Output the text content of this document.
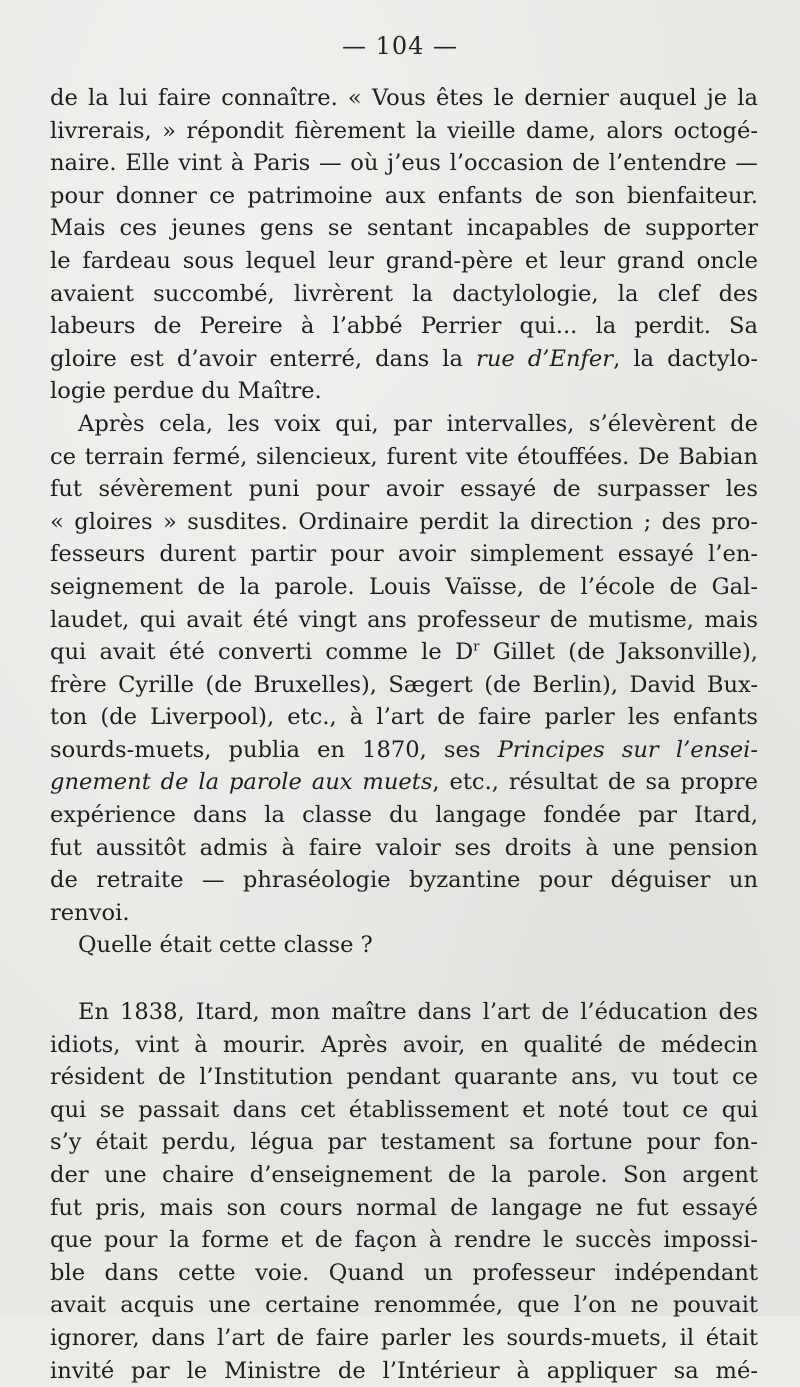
— 104 —
de la lui faire connaître. « Vous êtes le dernier auquel je la
livrerais, » répondit fièrement la vieille dame, alors octogé-
naire. Elle vint à Paris — où j’eus l’occasion de l’entendre —
pour donner ce patrimoine aux enfants de son bienfaiteur.
Mais ces jeunes gens se sentant incapables de supporter
le fardeau sous lequel leur grand-père et leur grand oncle
avaient succombé, livrèrent la dactylologie, la clef des
labeurs de Pereire à l’abbé Perrier qui... la perdit. Sa
gloire est d’avoir enterré, dans la rue d’Enfer, la dactylo-
logie perdue du Maître.
Après cela, les voix qui, par intervalles, s’élevèrent de
ce terrain fermé, silencieux, furent vite étouffées. De Babian
fut sévèrement puni pour avoir essayé de surpasser les
« gloires » susdites. Ordinaire perdit la direction ; des pro-
fesseurs durent partir pour avoir simplement essayé l’en-
seignement de la parole. Louis Vaïsse, de l’école de Gal-
laudet, qui avait été vingt ans professeur de mutisme, mais
qui avait été converti comme le $D^r$ Gillet (de Jaksonville),
frère Cyrille (de Bruxelles), Sægert (de Berlin), David Bux-
ton (de Liverpool), etc., à l’art de faire parler les enfants
sourds-muets, publia en 1870, ses Principes sur l’ensei-
gnement de la parole aux muets, etc., résultat de sa propre
expérience dans la classe du langage fondée par Itard,
fut aussitôt admis à faire valoir ses droits à une pension
de retraite — phraséologie byzantine pour déguiser un
renvoi.
Quelle était cette classe ?
En 1838, Itard, mon maître dans l’art de l’éducation des
idiots, vint à mourir. Après avoir, en qualité de médecin
résident de l’Institution pendant quarante ans, vu tout ce
qui se passait dans cet établissement et noté tout ce qui
s’y était perdu, légua par testament sa fortune pour fon-
der une chaire d’enseignement de la parole. Son argent
fut pris, mais son cours normal de langage ne fut essayé
que pour la forme et de façon à rendre le succès impossi-
ble dans cette voie. Quand un professeur indépendant
avait acquis une certaine renommée, que l’on ne pouvait
ignorer, dans l’art de faire parler les sourds-muets, il était
invité par le Ministre de l’Intérieur à appliquer sa mé-
